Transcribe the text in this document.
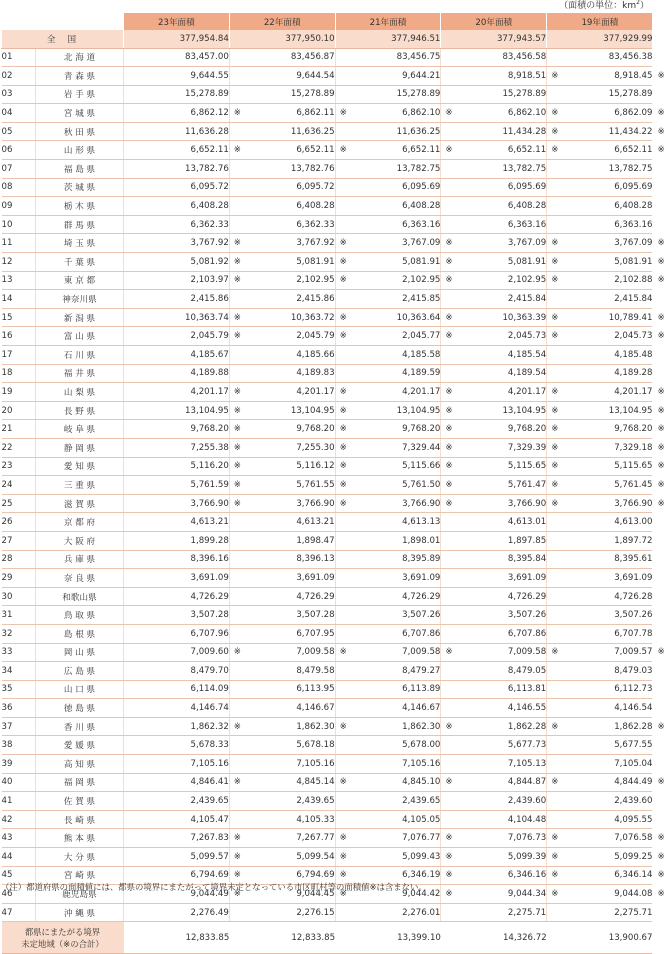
（面積の単位：$km^2$）
		23年面積	22年面積	21年面積	20年面積	19年面積
全国		377,954.84	377,950.10	377,946.51	377,943.57	377,929.99
01	北 海 道	83,457.00	83,456.87	83,456.75	83,456.58	83,456.38
02	青 森 県	9,644.55	9,644.54	9,644.21	8,918.51 ※	8,918.45 ※
03	岩 手 県	15,278.89	15,278.89	15,278.89	15,278.89	15,278.89
04	宮 城 県	6,862.12 ※	6,862.11 ※	6,862.10 ※	6,862.10 ※	6,862.09 ※
05	秋 田 県	11,636.28	11,636.25	11,636.25	11,434.28 ※	11,434.22 ※
06	山 形 県	6,652.11 ※	6,652.11 ※	6,652.11 ※	6,652.11 ※	6,652.11 ※
07	福 島 県	13,782.76	13,782.76	13,782.75	13,782.75	13,782.75
08	茨 城 県	6,095.72	6,095.72	6,095.69	6,095.69	6,095.69
09	栃 木 県	6,408.28	6,408.28	6,408.28	6,408.28	6,408.28
10	群 馬 県	6,362.33	6,362.33	6,363.16	6,363.16	6,363.16
11	埼 玉 県	3,767.92 ※	3,767.92 ※	3,767.09 ※	3,767.09 ※	3,767.09 ※
12	千 葉 県	5,081.92 ※	5,081.91 ※	5,081.91 ※	5,081.91 ※	5,081.91 ※
13	東 京 都	2,103.97 ※	2,102.95 ※	2,102.95 ※	2,102.95 ※	2,102.88 ※
14	神奈川県	2,415.86	2,415.86	2,415.85	2,415.84	2,415.84
15	新 潟 県	10,363.74 ※	10,363.72 ※	10,363.64 ※	10,363.39 ※	10,789.41 ※
16	富 山 県	2,045.79 ※	2,045.79 ※	2,045.77 ※	2,045.73 ※	2,045.73 ※
17	石 川 県	4,185.67	4,185.66	4,185.58	4,185.54	4,185.48
18	福 井 県	4,189.88	4,189.83	4,189.59	4,189.54	4,189.28
19	山 梨 県	4,201.17 ※	4,201.17 ※	4,201.17 ※	4,201.17 ※	4,201.17 ※
20	長 野 県	13,104.95 ※	13,104.95 ※	13,104.95 ※	13,104.95 ※	13,104.95 ※
21	岐 阜 県	9,768.20 ※	9,768.20 ※	9,768.20 ※	9,768.20 ※	9,768.20 ※
22	静 岡 県	7,255.38 ※	7,255.30 ※	7,329.44 ※	7,329.39 ※	7,329.18 ※
23	愛 知 県	5,116.20 ※	5,116.12 ※	5,115.66 ※	5,115.65 ※	5,115.65 ※
24	三 重 県	5,761.59 ※	5,761.55 ※	5,761.50 ※	5,761.47 ※	5,761.45 ※
25	滋 賀 県	3,766.90 ※	3,766.90 ※	3,766.90 ※	3,766.90 ※	3,766.90 ※
26	京 都 府	4,613.21	4,613.21	4,613.13	4,613.01	4,613.00
27	大 阪 府	1,899.28	1,898.47	1,898.01	1,897.85	1,897.72
28	兵 庫 県	8,396.16	8,396.13	8,395.89	8,395.84	8,395.61
29	奈 良 県	3,691.09	3,691.09	3,691.09	3,691.09	3,691.09
30	和歌山県	4,726.29	4,726.29	4,726.29	4,726.29	4,726.28
31	鳥 取 県	3,507.28	3,507.28	3,507.26	3,507.26	3,507.26
32	島 根 県	6,707.96	6,707.95	6,707.86	6,707.86	6,707.78
33	岡 山 県	7,009.60 ※	7,009.58 ※	7,009.58 ※	7,009.58 ※	7,009.57 ※
34	広 島 県	8,479.70	8,479.58	8,479.27	8,479.05	8,479.03
35	山 口 県	6,114.09	6,113.95	6,113.89	6,113.81	6,112.73
36	徳 島 県	4,146.74	4,146.67	4,146.67	4,146.55	4,146.54
37	香 川 県	1,862.32 ※	1,862.30 ※	1,862.30 ※	1,862.28 ※	1,862.28 ※
38	愛 媛 県	5,678.33	5,678.18	5,678.00	5,677.73	5,677.55
39	高 知 県	7,105.16	7,105.16	7,105.16	7,105.13	7,105.04
40	福 岡 県	4,846.41 ※	4,845.14 ※	4,845.10 ※	4,844.87 ※	4,844.49 ※
41	佐 賀 県	2,439.65	2,439.65	2,439.65	2,439.60	2,439.60
42	長 崎 県	4,105.47	4,105.33	4,105.05	4,104.48	4,095.55
43	熊 本 県	7,267.83 ※	7,267.77 ※	7,076.77 ※	7,076.73 ※	7,076.58 ※
44	大 分 県	5,099.57 ※	5,099.54 ※	5,099.43 ※	5,099.39 ※	5,099.25 ※
45	宮 崎 県	6,794.69 ※	6,794.69 ※	6,346.19 ※	6,346.16 ※	6,346.14 ※
46	鹿児島県	9,044.49 ※	9,044.45 ※	9,044.42 ※	9,044.34 ※	9,044.08 ※
47	沖 縄 県	2,276.49	2,276.15	2,276.01	2,275.71	2,275.71
都県にまたがる境界
未定地域（※の合計）		12,833.85	12,833.85	13,399.10	14,326.72	13,900.67
（注）都道府県の面積値には、都県の境界にまたがって境界未定となっている市区町村等の面積値※は含まない。
